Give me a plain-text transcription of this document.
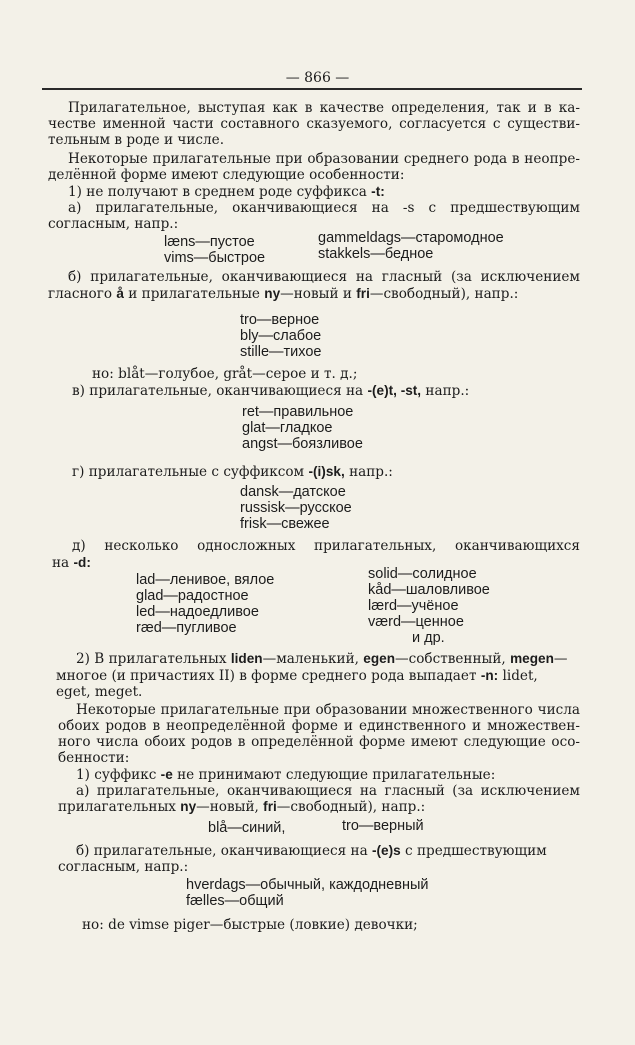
— 866 —
Прилагательное, выступая как в качестве определения, так и в ка-
честве именной части составного сказуемого, согласуется с существи-
тельным в роде и числе.
Некоторые прилагательные при образовании среднего рода в неопре-
делённой форме имеют следующие особенности:
1) не получают в среднем роде суффикса -t:
а) прилагательные, оканчивающиеся на -s с предшествующим
согласным, напр.:
læns—пустое
vims—быстрое
gammeldags—старомодное
stakkels—бедное
б) прилагательные, оканчивающиеся на гласный (за исключением
гласного å и прилагательные ny—новый и fri—свободный), напр.:
tro—верное
bly—слабое
stille—тихое
но: blåt—голубое, gråt—серое и т. д.;
в) прилагательные, оканчивающиеся на -(e)t, -st, напр.:
ret—правильное
glat—гладкое
angst—боязливое
г) прилагательные с суффиксом -(i)sk, напр.:
dansk—датское
russisk—русское
frisk—свежее
д) несколько односложных прилагательных, оканчивающихся
на -d:
lad—ленивое, вялое
glad—радостное
led—надоедливое
ræd—пугливое
solid—солидное
kåd—шаловливое
lærd—учёное
værd—ценное
и др.
2) В прилагательных liden—маленький, egen—собственный, megen—
многое (и причастиях II) в форме среднего рода выпадает -n: lidet,
eget, meget.
Некоторые прилагательные при образовании множественного числа
обоих родов в неопределённой форме и единственного и множествен-
ного числа обоих родов в определённой форме имеют следующие осо-
бенности:
1) суффикс -e не принимают следующие прилагательные:
а) прилагательные, оканчивающиеся на гласный (за исключением
прилагательных ny—новый, fri—свободный), напр.:
blå—синий,	tro—верный
б) прилагательные, оканчивающиеся на -(e)s с предшествующим
согласным, напр.:
hverdags—обычный, каждодневный
fælles—общий
но: de vimse piger—быстрые (ловкие) девочки;
